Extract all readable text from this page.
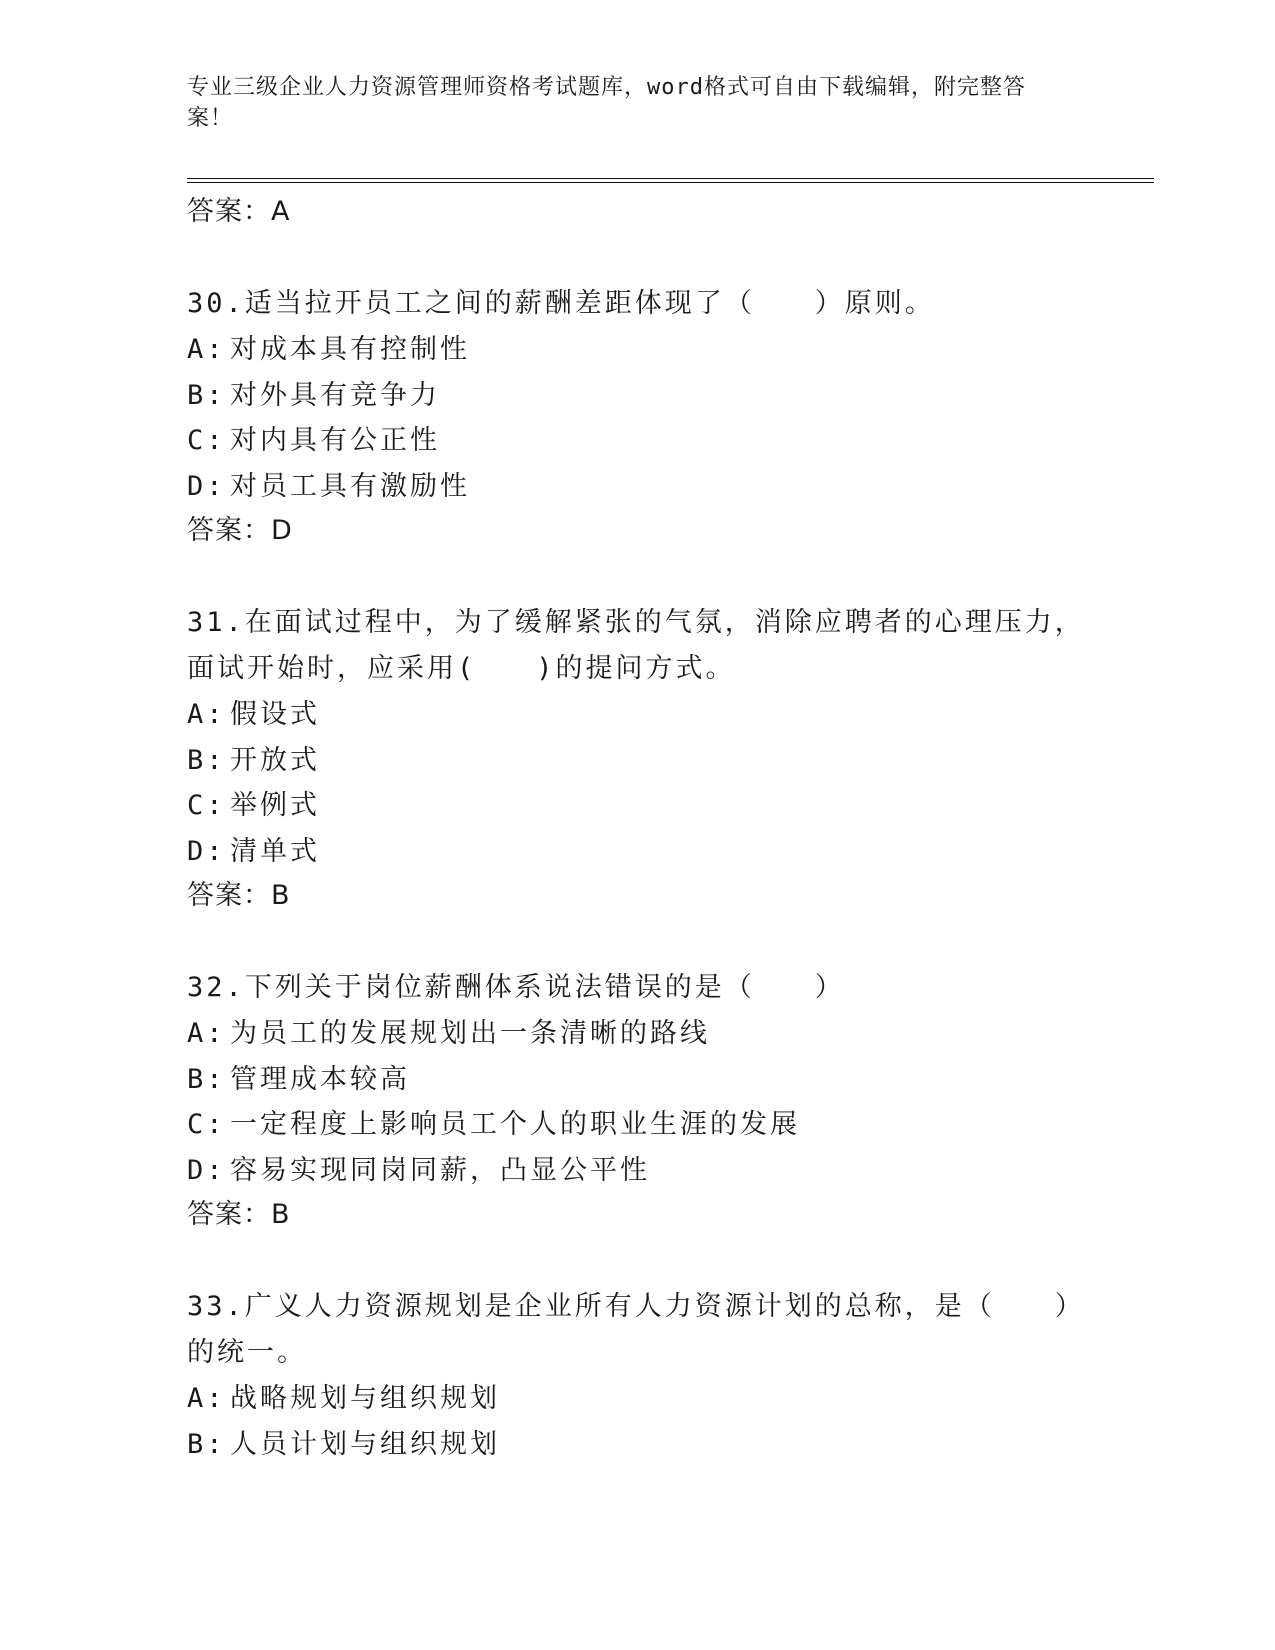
专业三级企业人力资源管理师资格考试题库，word格式可自由下载编辑，附完整答案！
答案：A
30.适当拉开员工之间的薪酬差距体现了（　　）原则。
A: 对成本具有控制性
B: 对外具有竞争力
C: 对内具有公正性
D: 对员工具有激励性
答案：D
31.在面试过程中，为了缓解紧张的气氛，消除应聘者的心理压力，面试开始时，应采用(　　)的提问方式。
A: 假设式
B: 开放式
C: 举例式
D: 清单式
答案：B
32.下列关于岗位薪酬体系说法错误的是（　　）
A: 为员工的发展规划出一条清晰的路线
B: 管理成本较高
C: 一定程度上影响员工个人的职业生涯的发展
D: 容易实现同岗同薪，凸显公平性
答案：B
33.广义人力资源规划是企业所有人力资源计划的总称，是（　　）的统一。
A: 战略规划与组织规划
B: 人员计划与组织规划
